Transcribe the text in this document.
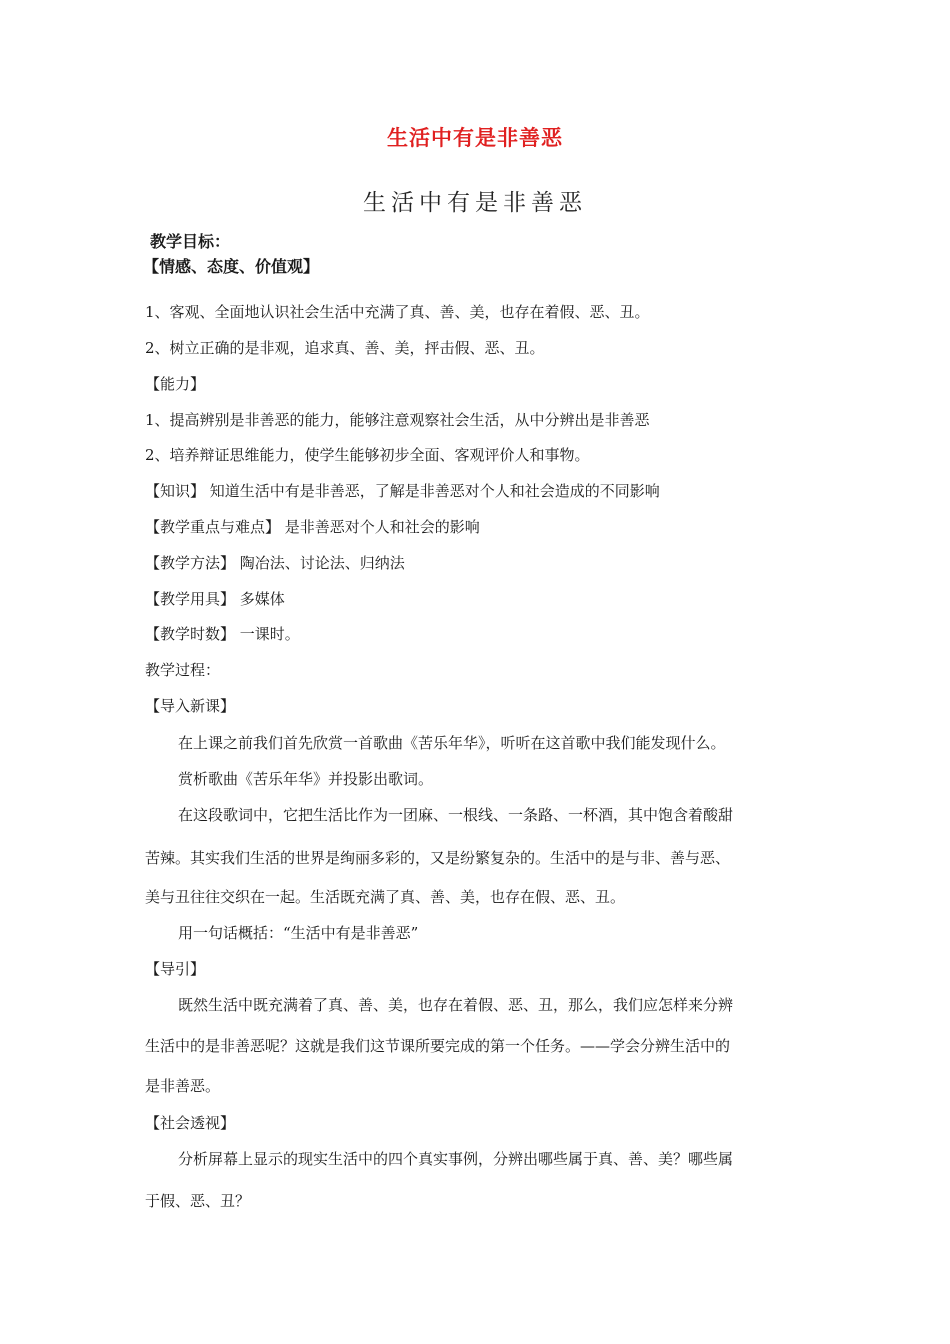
生活中有是非善恶
生活中有是非善恶
教学目标：
【情感、态度、价值观】
1、客观、全面地认识社会生活中充满了真、善、美，也存在着假、恶、丑。
2、树立正确的是非观，追求真、善、美，抨击假、恶、丑。
【能力】
1、提高辨别是非善恶的能力，能够注意观察社会生活，从中分辨出是非善恶
2、培养辩证思维能力，使学生能够初步全面、客观评价人和事物。
【知识】 知道生活中有是非善恶，了解是非善恶对个人和社会造成的不同影响
【教学重点与难点】 是非善恶对个人和社会的影响
【教学方法】 陶冶法、讨论法、归纳法
【教学用具】 多媒体
【教学时数】 一课时。
教学过程：
【导入新课】
在上课之前我们首先欣赏一首歌曲《苦乐年华》，听听在这首歌中我们能发现什么。
赏析歌曲《苦乐年华》并投影出歌词。
在这段歌词中，它把生活比作为一团麻、一根线、一条路、一杯酒，其中饱含着酸甜
苦辣。其实我们生活的世界是绚丽多彩的，又是纷繁复杂的。生活中的是与非、善与恶、
美与丑往往交织在一起。生活既充满了真、善、美，也存在假、恶、丑。
用一句话概括：“生活中有是非善恶”
【导引】
既然生活中既充满着了真、善、美，也存在着假、恶、丑，那么，我们应怎样来分辨
生活中的是非善恶呢？这就是我们这节课所要完成的第一个任务。——学会分辨生活中的
是非善恶。
【社会透视】
分析屏幕上显示的现实生活中的四个真实事例，分辨出哪些属于真、善、美？哪些属
于假、恶、丑？
